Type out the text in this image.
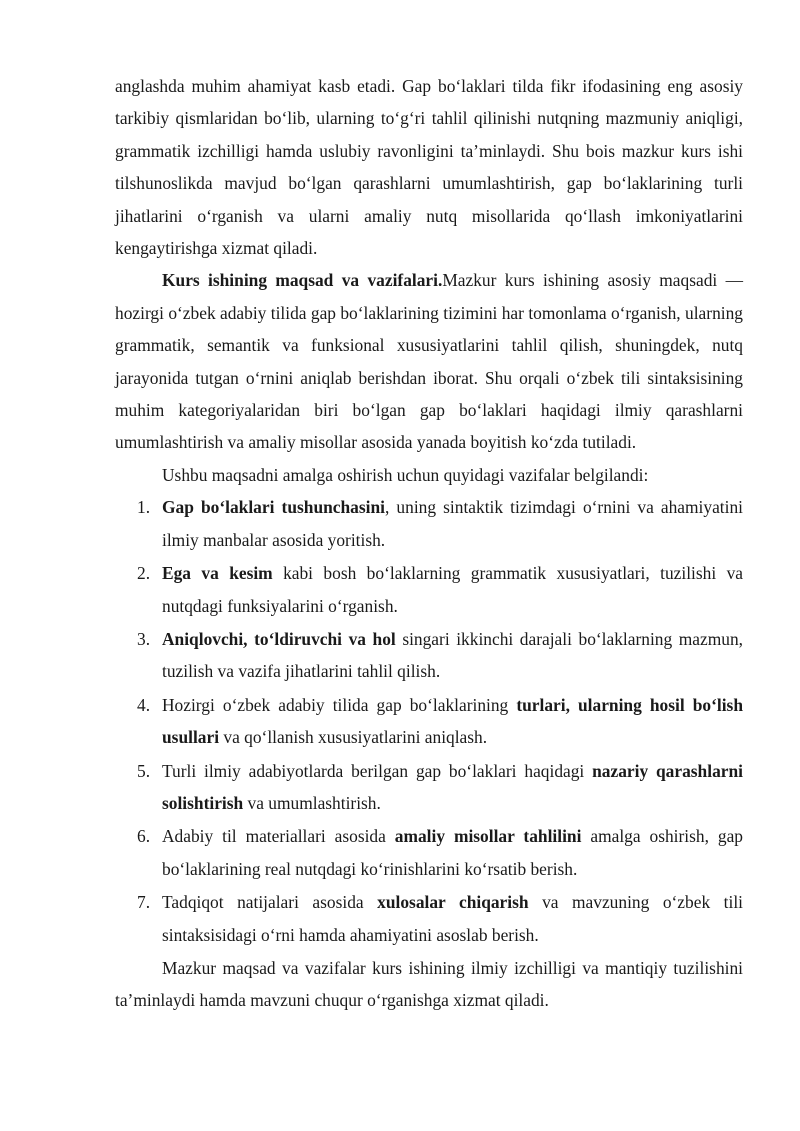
anglashda muhim ahamiyat kasb etadi. Gap bo‘laklari tilda fikr ifodasining eng asosiy tarkibiy qismlaridan bo‘lib, ularning to‘g‘ri tahlil qilinishi nutqning mazmuniy aniqligi, grammatik izchilligi hamda uslubiy ravonligini ta’minlaydi. Shu bois mazkur kurs ishi tilshunoslikda mavjud bo‘lgan qarashlarni umumlashtirish, gap bo‘laklarining turli jihatlarini o‘rganish va ularni amaliy nutq misollarida qo‘llash imkoniyatlarini kengaytirishga xizmat qiladi.

Kurs ishining maqsad va vazifalari.Mazkur kurs ishining asosiy maqsadi — hozirgi o‘zbek adabiy tilida gap bo‘laklarining tizimini har tomonlama o‘rganish, ularning grammatik, semantik va funksional xususiyatlarini tahlil qilish, shuningdek, nutq jarayonida tutgan o‘rnini aniqlab berishdan iborat. Shu orqali o‘zbek tili sintaksisining muhim kategoriyalaridan biri bo‘lgan gap bo‘laklari haqidagi ilmiy qarashlarni umumlashtirish va amaliy misollar asosida yanada boyitish ko‘zda tutiladi.

Ushbu maqsadni amalga oshirish uchun quyidagi vazifalar belgilandi:

1. Gap bo‘laklari tushunchasini, uning sintaktik tizimdagi o‘rnini va ahamiyatini ilmiy manbalar asosida yoritish.
2. Ega va kesim kabi bosh bo‘laklarning grammatik xususiyatlari, tuzilishi va nutqdagi funksiyalarini o‘rganish.
3. Aniqlovchi, to‘ldiruvchi va hol singari ikkinchi darajali bo‘laklarning mazmun, tuzilish va vazifa jihatlarini tahlil qilish.
4. Hozirgi o‘zbek adabiy tilida gap bo‘laklarining turlari, ularning hosil bo‘lish usullari va qo‘llanish xususiyatlarini aniqlash.
5. Turli ilmiy adabiyotlarda berilgan gap bo‘laklari haqidagi nazariy qarashlarni solishtirish va umumlashtirish.
6. Adabiy til materiallari asosida amaliy misollar tahlilini amalga oshirish, gap bo‘laklarining real nutqdagi ko‘rinishlarini ko‘rsatib berish.
7. Tadqiqot natijalari asosida xulosalar chiqarish va mavzuning o‘zbek tili sintaksisidagi o‘rni hamda ahamiyatini asoslab berish.

Mazkur maqsad va vazifalar kurs ishining ilmiy izchilligi va mantiqiy tuzilishini ta’minlaydi hamda mavzuni chuqur o‘rganishga xizmat qiladi.
